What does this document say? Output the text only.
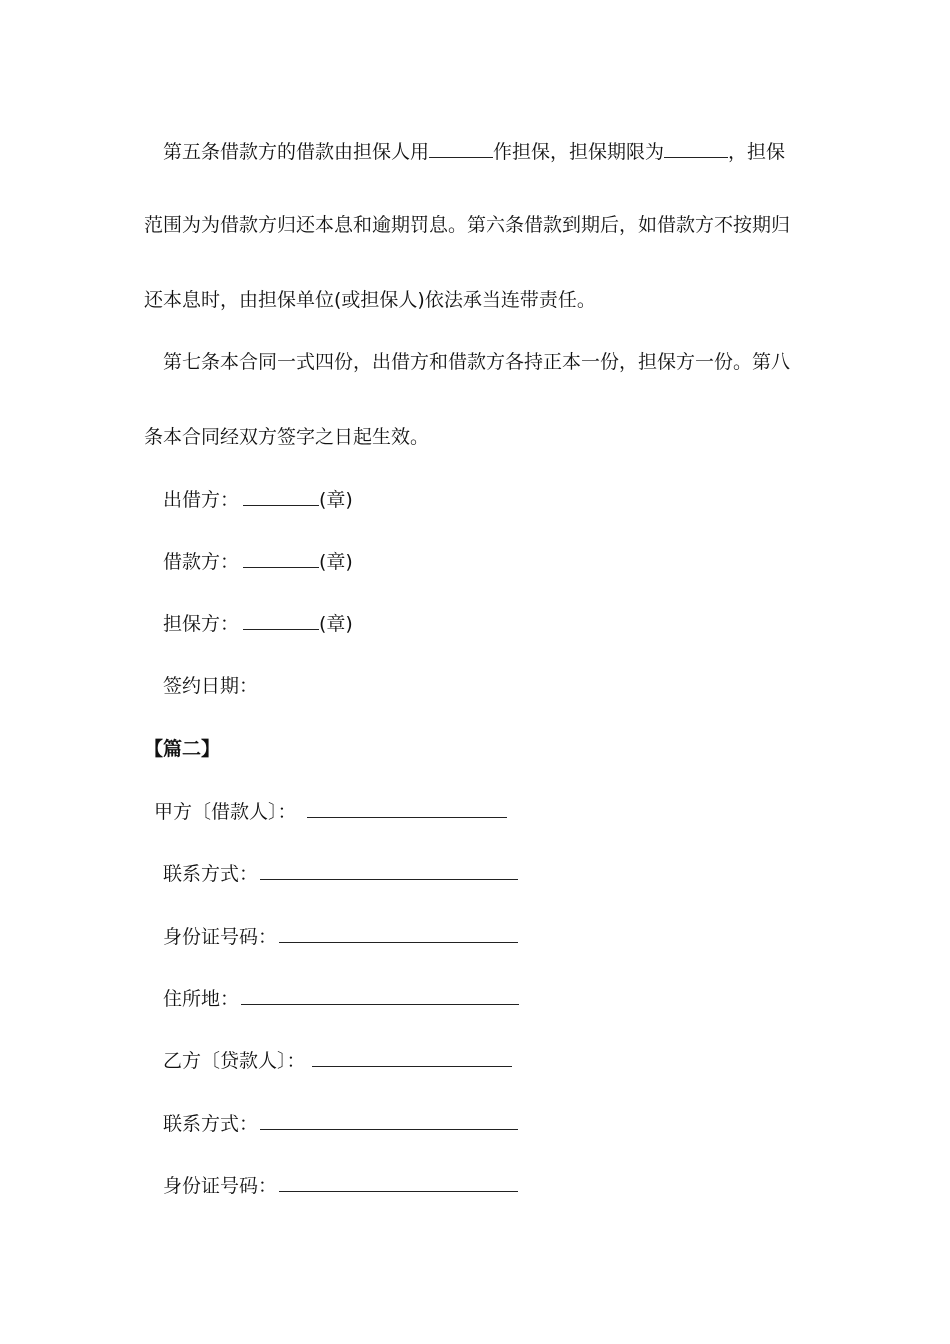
第五条借款方的借款由担保人用	作担保，担保期限为	，担保
范围为为借款方归还本息和逾期罚息。第六条借款到期后，如借款方不按期归
还本息时，由担保单位(或担保人)依法承当连带责任。
第七条本合同一式四份，出借方和借款方各持正本一份，担保方一份。第八
条本合同经双方签字之日起生效。
出借方：	(章)
借款方：	(章)
担保方：	(章)
签约日期：
【篇二】
甲方〔借款人〕：
联系方式：
身份证号码：
住所地：
乙方〔贷款人〕：
联系方式：
身份证号码：
